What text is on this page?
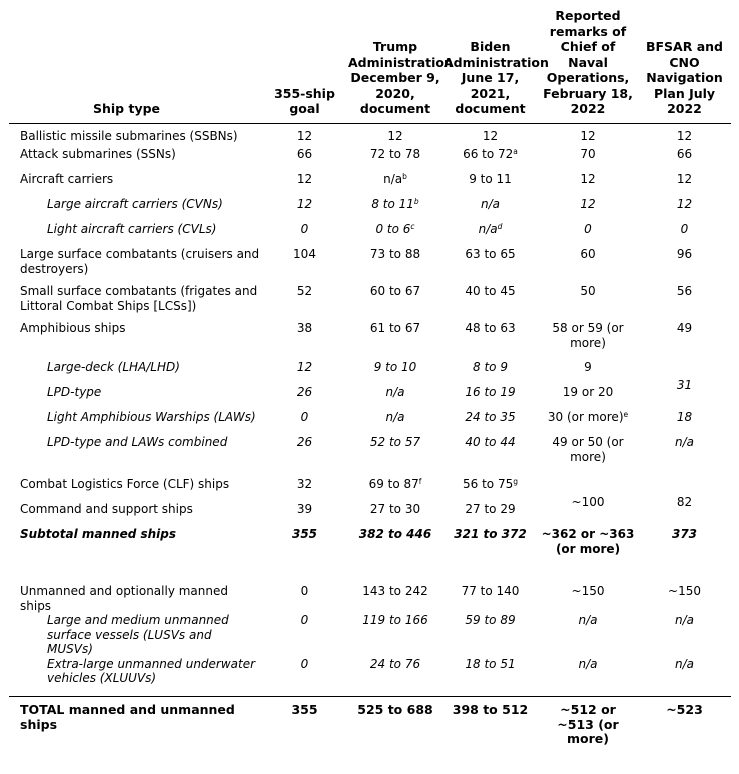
Ship type	355-ship goal	Trump Administration December 9, 2020, document	Biden Administration June 17, 2021, document	Reported remarks of Chief of Naval Operations, February 18, 2022	BFSAR and CNO Navigation Plan July 2022
Ballistic missile submarines (SSBNs)	12	12	12	12	12
Attack submarines (SSNs)	66	72 to 78	66 to 72$^a$	70	66
Aircraft carriers	12	$n/a^b$	9 to 11	12	12
Large aircraft carriers (CVNs)	12	8 to 11$^b$	n/a	12	12
Light aircraft carriers (CVLs)	0	0 to 6$^c$	$n/a^d$	0	0
Large surface combatants (cruisers and destroyers)	104	73 to 88	63 to 65	60	96
Small surface combatants (frigates and Littoral Combat Ships [LCSs])	52	60 to 67	40 to 45	50	56
Amphibious ships	38	61 to 67	48 to 63	58 or 59 (or more)	49
Large-deck (LHA/LHD)	12	9 to 10	8 to 9	9	31
LPD-type	26	n/a	16 to 19	19 or 20	
Light Amphibious Warships (LAWs)	0	n/a	24 to 35	30 (or more)$^e$	18
LPD-type and LAWs combined	26	52 to 57	40 to 44	49 or 50 (or more)	n/a
Combat Logistics Force (CLF) ships	32	69 to 87$^f$	56 to 75$^g$	~100	82
Command and support ships	39	27 to 30	27 to 29		
Subtotal manned ships	355	382 to 446	321 to 372	~362 or ~363 (or more)	373
Unmanned and optionally manned ships	0	143 to 242	77 to 140	~150	~150
Large and medium unmanned surface vessels (LUSVs and MUSVs)	0	119 to 166	59 to 89	n/a	n/a
Extra-large unmanned underwater vehicles (XLUUVs)	0	24 to 76	18 to 51	n/a	n/a
TOTAL manned and unmanned ships	355	525 to 688	398 to 512	~512 or ~513 (or more)	~523
